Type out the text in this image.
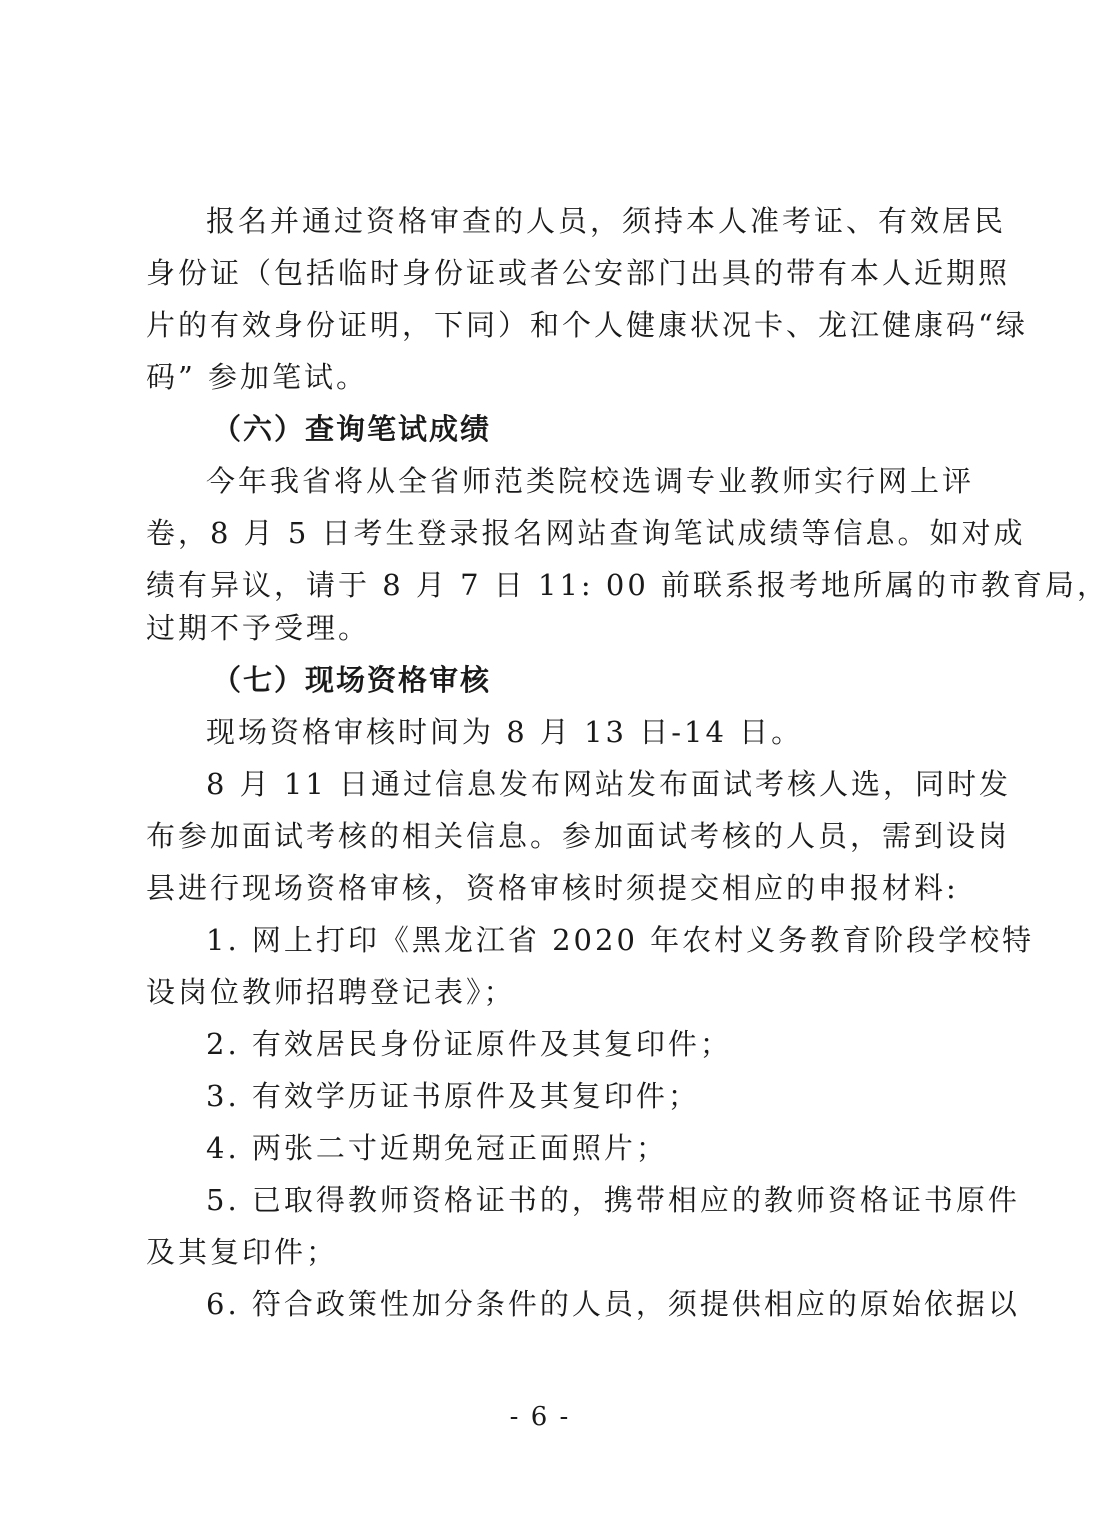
报名并通过资格审查的人员，须持本人准考证、有效居民
身份证（包括临时身份证或者公安部门出具的带有本人近期照
片的有效身份证明，下同）和个人健康状况卡、龙江健康码“绿
码” 参加笔试。
（六）查询笔试成绩
今年我省将从全省师范类院校选调专业教师实行网上评
卷，8 月 5 日考生登录报名网站查询笔试成绩等信息。如对成
绩有异议，请于 8 月 7 日 11: 00 前联系报考地所属的市教育局，
过期不予受理。
（七）现场资格审核
现场资格审核时间为 8 月 13 日-14 日。
8 月 11 日通过信息发布网站发布面试考核人选，同时发
布参加面试考核的相关信息。参加面试考核的人员，需到设岗
县进行现场资格审核，资格审核时须提交相应的申报材料:
1. 网上打印《黑龙江省 2020 年农村义务教育阶段学校特
设岗位教师招聘登记表》；
2. 有效居民身份证原件及其复印件；
3. 有效学历证书原件及其复印件；
4. 两张二寸近期免冠正面照片；
5. 已取得教师资格证书的，携带相应的教师资格证书原件
及其复印件；
6. 符合政策性加分条件的人员，须提供相应的原始依据以
- 6 -
